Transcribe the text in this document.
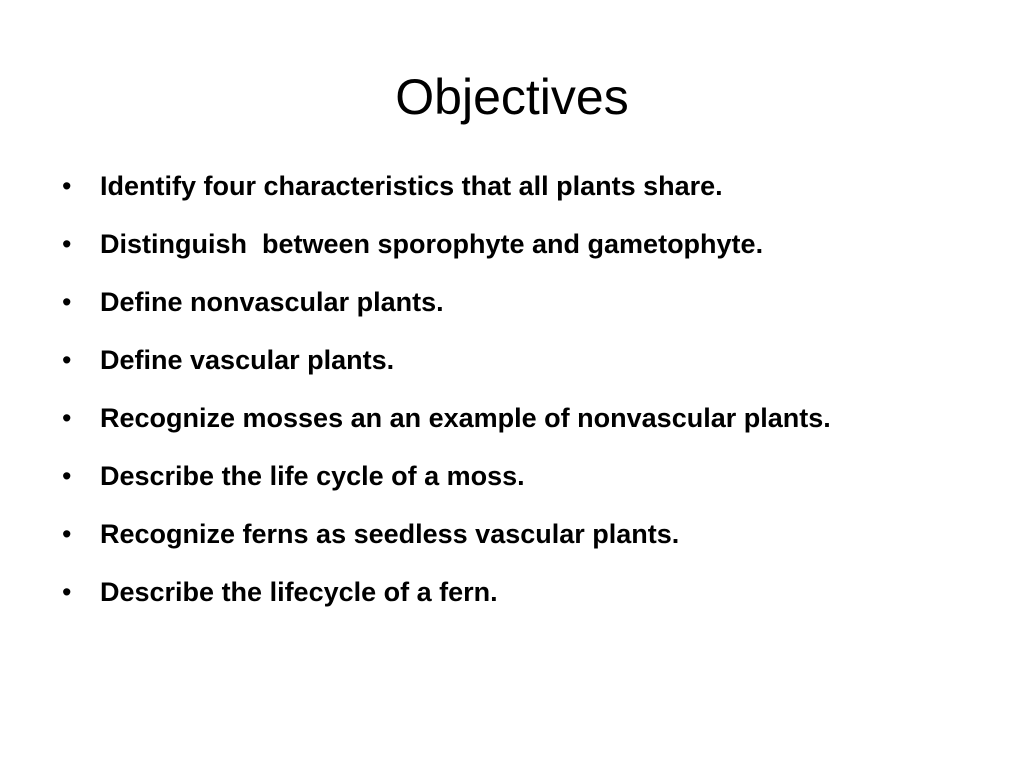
Objectives
• Identify four characteristics that all plants share.
• Distinguish  between sporophyte and gametophyte.
• Define nonvascular plants.
• Define vascular plants.
• Recognize mosses an an example of nonvascular plants.
• Describe the life cycle of a moss.
• Recognize ferns as seedless vascular plants.
• Describe the lifecycle of a fern.
